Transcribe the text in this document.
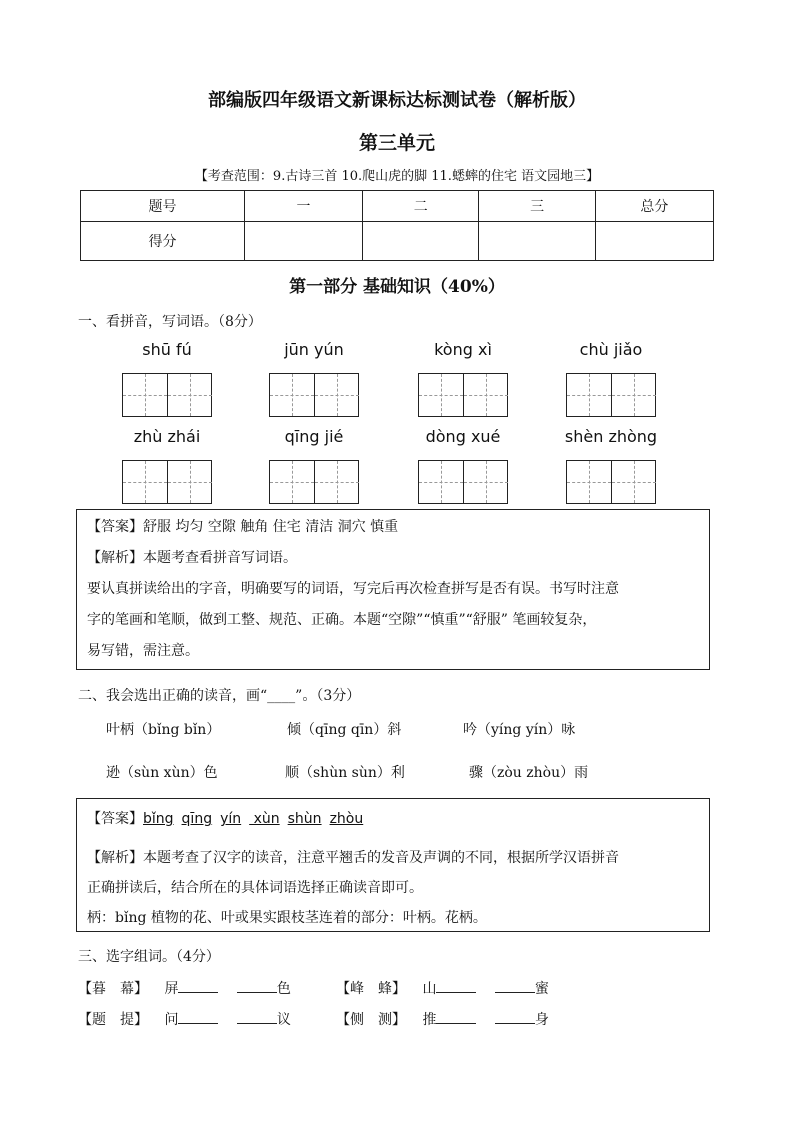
部编版四年级语文新课标达标测试卷（解析版）
第三单元
【考查范围：9.古诗三首 10.爬山虎的脚 11.蟋蟀的住宅 语文园地三】
题号	一	二	三	总分
得分				
第一部分 基础知识（40%）
一、看拼音，写词语。（8分）
shū fú	jūn yún	kòng xì	chù jiǎo
zhù zhái	qīng jié	dòng xué	shèn zhòng
【答案】舒服 均匀 空隙 触角 住宅 清洁 洞穴 慎重
【解析】本题考查看拼音写词语。
要认真拼读给出的字音，明确要写的词语，写完后再次检查拼写是否有误。书写时注意
字的笔画和笔顺，做到工整、规范、正确。本题“空隙”“慎重”“舒服” 笔画较复杂，
易写错，需注意。
二、我会选出正确的读音，画“____”。（3分）
叶柄（bǐng bǐn）	倾（qīng qīn）斜	吟（yíng yín）咏
逊（sùn xùn）色	顺（shùn sùn）利	骤（zòu zhòu）雨
【答案】bǐng qīng yín xùn shùn zhòu
【解析】本题考查了汉字的读音，注意平翘舌的发音及声调的不同，根据所学汉语拼音
正确拼读后，结合所在的具体词语选择正确读音即可。
柄：bǐng 植物的花、叶或果实跟枝茎连着的部分：叶柄。花柄。
三、选字组词。（4分）
【暮　幕】 屏	色	【峰　蜂】 山	蜜
【题　提】 问	议	【侧　测】 推	身
